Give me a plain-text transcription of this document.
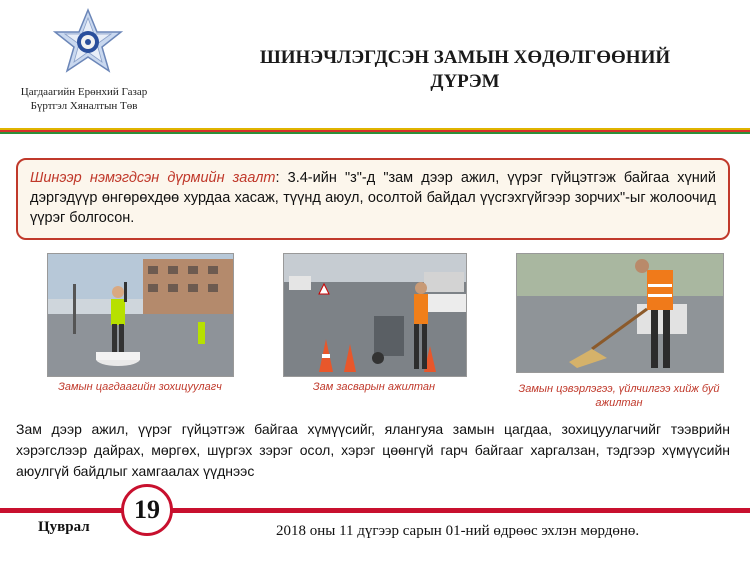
Цагдаагийн Ерөнхий Газар
Бүртгэл Хяналтын Төв
ШИНЭЧЛЭГДСЭН ЗАМЫН ХӨДӨЛГӨӨНИЙ
ДҮРЭМ
Шинээр нэмэгдсэн дүрмийн заалт: 3.4-ийн "з"-д "зам дээр ажил, үүрэг гүйцэтгэж байгаа хүний дэргэдүүр өнгөрөхдөө хурдаа хасаж, түүнд аюул, осолтой байдал үүсгэхгүйгээр зорчих"-ыг жолоочид үүрэг болгосон.
Замын цагдаагийн зохицуулагч	Зам засварын ажилтан	Замын цэвэрлэгээ, үйлчилгээ хийж буй ажилтан
Зам дээр ажил, үүрэг гүйцэтгэж байгаа хүмүүсийг, ялангуяа замын цагдаа, зохицуулагчийг тээврийн хэрэгслээр дайрах, мөргөх, шүргэх зэрэг осол, хэрэг цөөнгүй гарч байгааг харгалзан, тэдгээр хүмүүсийн аюулгүй байдлыг хамгаалах үүднээс
Цуврал
19
2018 оны 11 дүгээр сарын 01-ний өдрөөс эхлэн мөрдөнө.
